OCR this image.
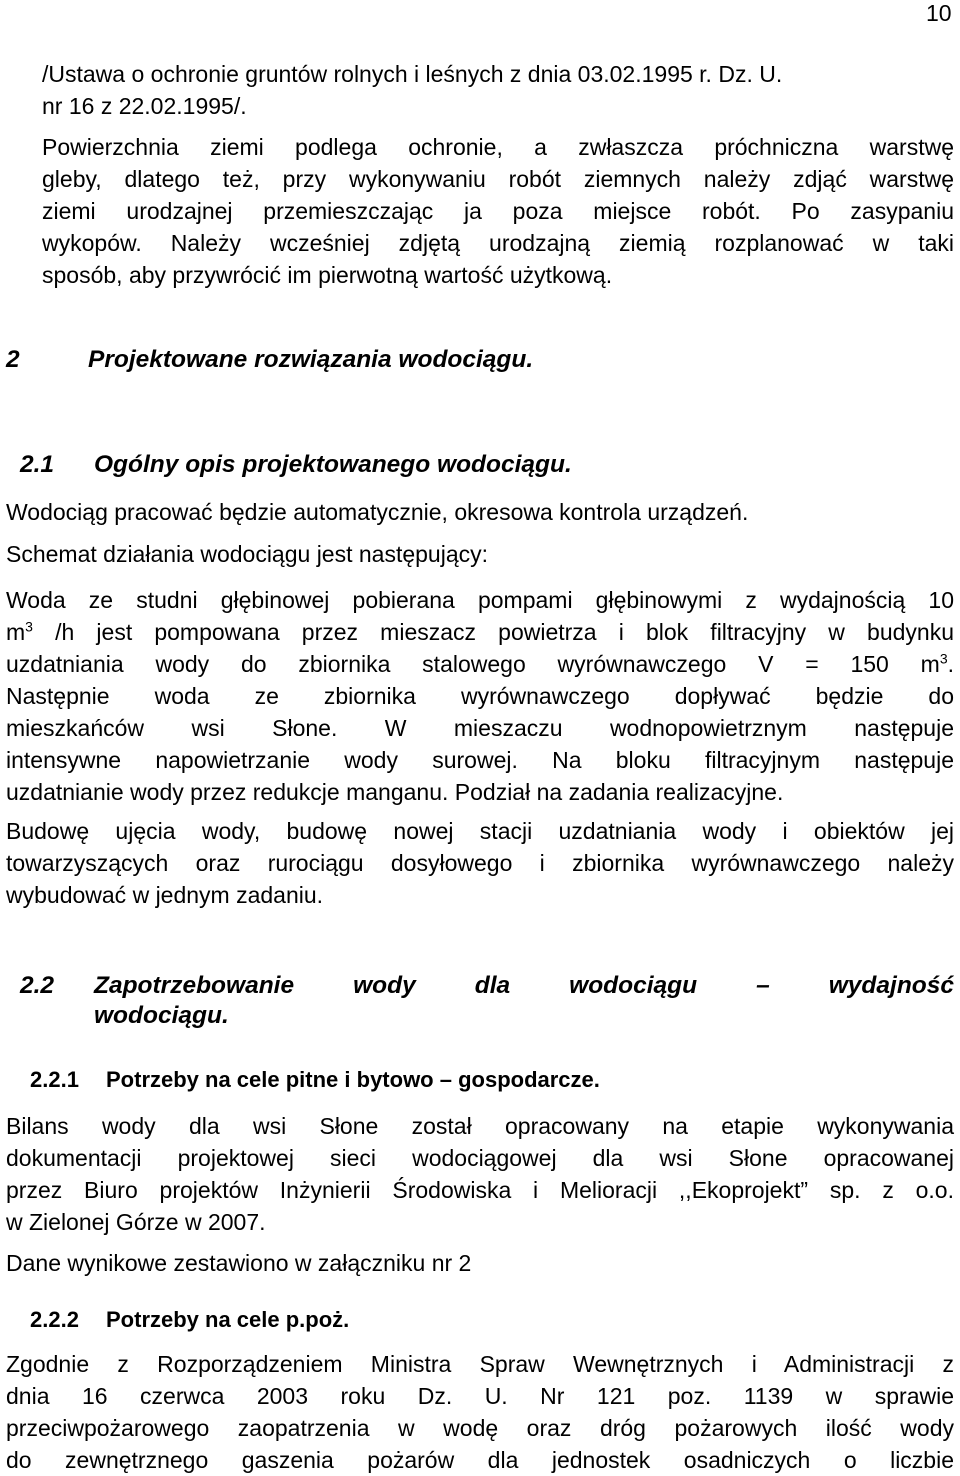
10
/Ustawa o ochronie gruntów rolnych i leśnych z dnia 03.02.1995 r. Dz. U.
nr 16 z 22.02.1995/.
Powierzchnia ziemi podlega ochronie, a zwłaszcza próchniczna warstwę
gleby, dlatego też, przy wykonywaniu robót ziemnych należy zdjąć warstwę
ziemi urodzajnej przemieszczając ja poza miejsce robót. Po zasypaniu
wykopów. Należy wcześniej zdjętą urodzajną ziemią rozplanować w taki
sposób, aby przywrócić im pierwotną wartość użytkową.
2	Projektowane rozwiązania wodociągu.
2.1 Ogólny opis projektowanego wodociągu.
Wodociąg pracować będzie automatycznie, okresowa kontrola urządzeń.
Schemat działania wodociągu jest następujący:
Woda ze studni głębinowej pobierana pompami głębinowymi z wydajnością 10
$m^3$ /h jest pompowana przez mieszacz powietrza i blok filtracyjny w budynku
uzdatniania wody do zbiornika stalowego wyrównawczego V = 150 $m^3$.
Następnie woda ze zbiornika wyrównawczego dopływać będzie do
mieszkańców wsi Słone. W mieszaczu wodnopowietrznym następuje
intensywne napowietrzanie wody surowej. Na bloku filtracyjnym następuje
uzdatnianie wody przez redukcje manganu. Podział na zadania realizacyjne.
Budowę ujęcia wody, budowę nowej stacji uzdatniania wody i obiektów jej
towarzyszących oraz rurociągu dosyłowego i zbiornika wyrównawczego należy
wybudować w jednym zadaniu.
2.2	Zapotrzebowanie wody dla wodociągu – wydajność
wodociągu.
2.2.1 Potrzeby na cele pitne i bytowo – gospodarcze.
Bilans wody dla wsi Słone został opracowany na etapie wykonywania
dokumentacji projektowej sieci wodociągowej dla wsi Słone opracowanej
przez Biuro projektów Inżynierii Środowiska i Melioracji ,,Ekoprojekt” sp. z o.o.
w Zielonej Górze w 2007.
Dane wynikowe zestawiono w załączniku nr 2
2.2.2 Potrzeby na cele p.poż.
Zgodnie z Rozporządzeniem Ministra Spraw Wewnętrznych i Administracji z
dnia 16 czerwca 2003 roku Dz. U. Nr 121 poz. 1139 w sprawie
przeciwpożarowego zaopatrzenia w wodę oraz dróg pożarowych ilość wody
do zewnętrznego gaszenia pożarów dla jednostek osadniczych o liczbie
